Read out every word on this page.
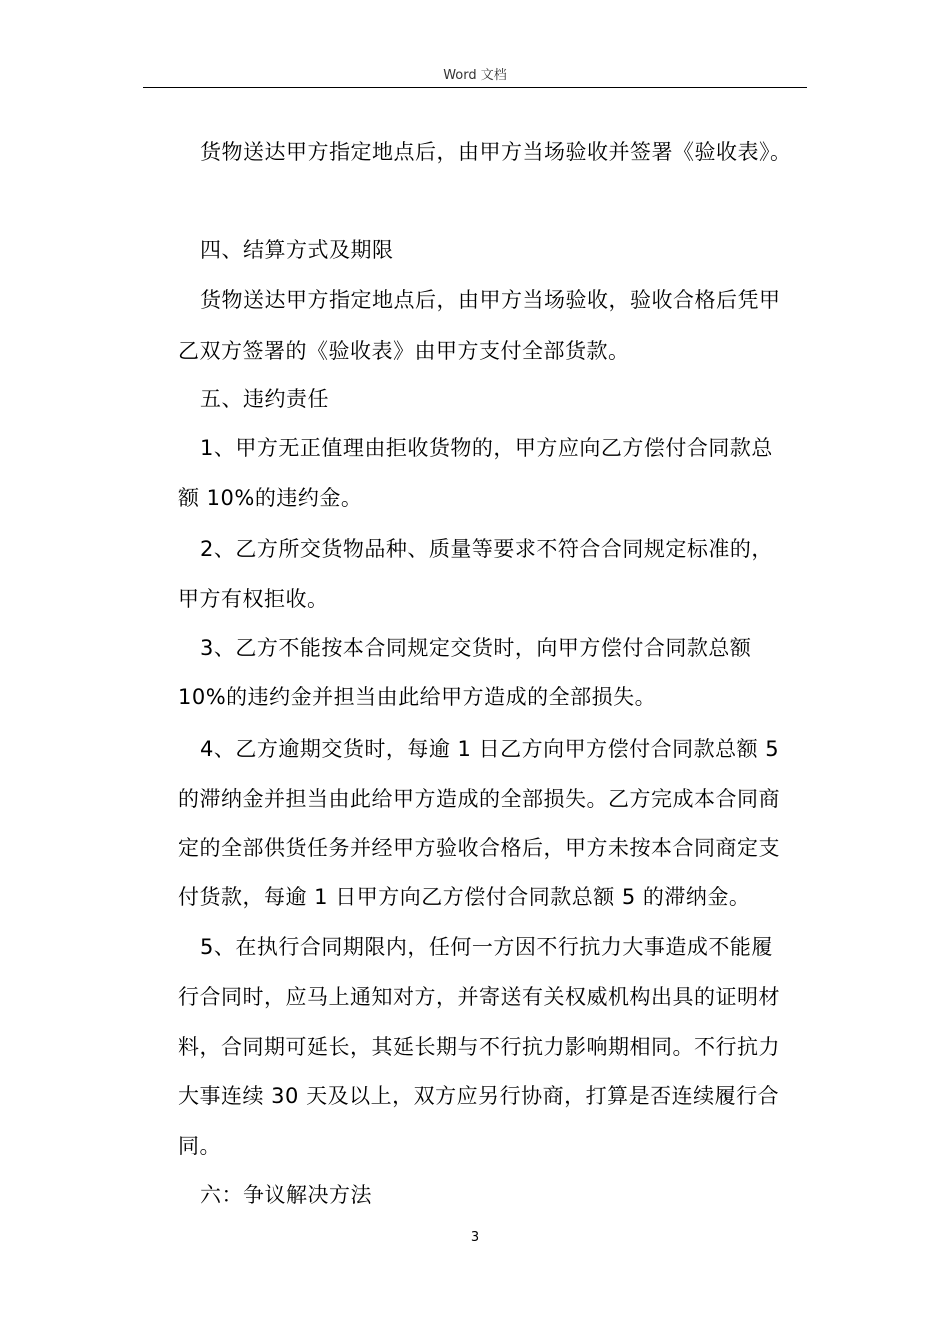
Word 文档
货物送达甲方指定地点后，由甲方当场验收并签署《验收表》。
四、结算方式及期限
货物送达甲方指定地点后，由甲方当场验收，验收合格后凭甲
乙双方签署的《验收表》由甲方支付全部货款。
五、违约责任
1、甲方无正值理由拒收货物的，甲方应向乙方偿付合同款总
额 10%的违约金。
2、乙方所交货物品种、质量等要求不符合合同规定标准的，
甲方有权拒收。
3、乙方不能按本合同规定交货时，向甲方偿付合同款总额
10%的违约金并担当由此给甲方造成的全部损失。
4、乙方逾期交货时，每逾 1 日乙方向甲方偿付合同款总额 5
的滞纳金并担当由此给甲方造成的全部损失。乙方完成本合同商
定的全部供货任务并经甲方验收合格后，甲方未按本合同商定支
付货款，每逾 1 日甲方向乙方偿付合同款总额 5 的滞纳金。
5、在执行合同期限内，任何一方因不行抗力大事造成不能履
行合同时，应马上通知对方，并寄送有关权威机构出具的证明材
料，合同期可延长，其延长期与不行抗力影响期相同。不行抗力
大事连续 30 天及以上，双方应另行协商，打算是否连续履行合
同。
六：争议解决方法
3
